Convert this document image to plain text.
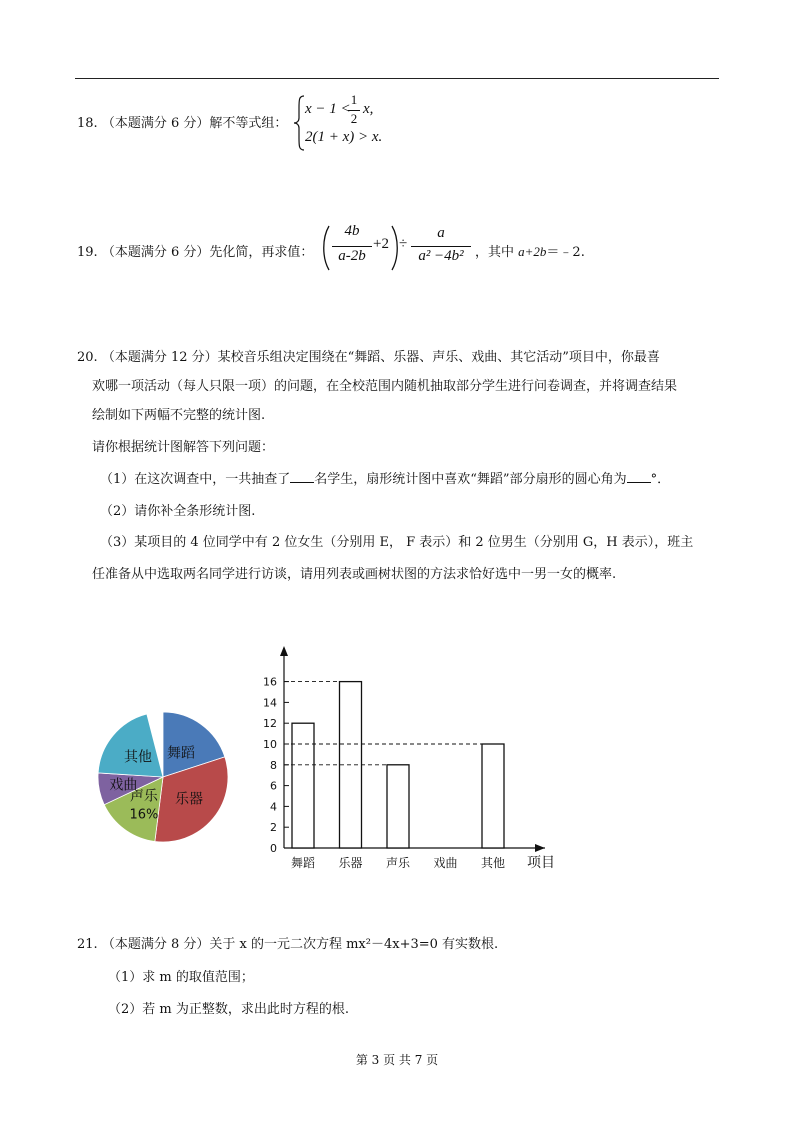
18. （本题满分 6 分）解不等式组：
x − 1 <
1
2
x,
2(1 + x) > x.
19. （本题满分 6 分）先化简，再求值：
4b
a-2b
+2 ÷
a
a² −4b² ，其中 a+2b＝﹣2.
20. （本题满分 12 分）某校音乐组决定围绕在“舞蹈、乐器、声乐、戏曲、其它活动”项目中，你最喜
欢哪一项活动（每人只限一项）的问题，在全校范围内随机抽取部分学生进行问卷调查，并将调查结果
绘制如下两幅不完整的统计图.
请你根据统计图解答下列问题：
（1）在这次调查中，一共抽查了 名学生，扇形统计图中喜欢“舞蹈”部分扇形的圆心角为 °．
（2）请你补全条形统计图.
（3）某项目的 4 位同学中有 2 位女生（分别用 E， F 表示）和 2 位男生（分别用 G，H 表示），班主
任准备从中选取两名同学进行访谈，请用列表或画树状图的方法求恰好选中一男一女的概率.
舞蹈
乐器
声乐
16%
戏曲
其他
0
2
4
6
8
10
12
14
16
舞蹈 乐器 声乐 戏曲 其他 项目
21. （本题满分 8 分）关于 x 的一元二次方程 mx²－4x+3=0 有实数根.
（1）求 m 的取值范围；
（2）若 m 为正整数，求出此时方程的根.
第 3 页 共 7 页
